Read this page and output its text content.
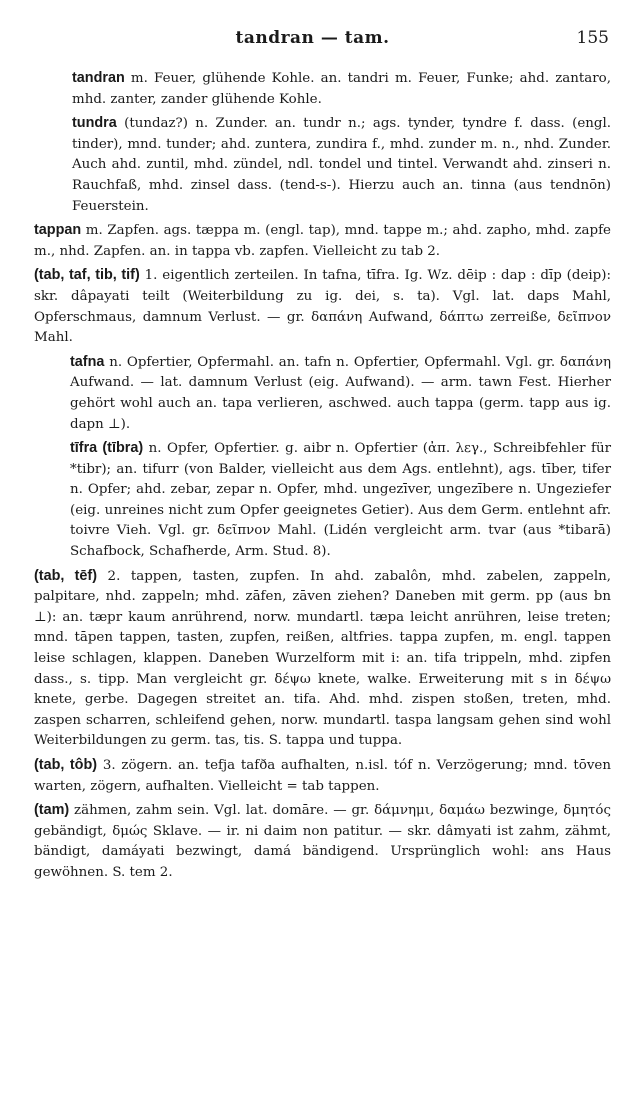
tandran — tam.	155
tandran m. Feuer, glühende Kohle. an. tandri m. Feuer, Funke; ahd. zantaro, mhd. zanter, zander glühende Kohle.
tundra (tundaz?) n. Zunder. an. tundr n.; ags. tynder, tyndre f. dass. (engl. tinder), mnd. tunder; ahd. zuntera, zundira f., mhd. zunder m. n., nhd. Zunder. Auch ahd. zuntil, mhd. zündel, ndl. tondel und tintel. Verwandt ahd. zinseri n. Rauchfaß, mhd. zinsel dass. (tend-s-). Hierzu auch an. tinna (aus tendnōn) Feuerstein.
tappan m. Zapfen. ags. tæppa m. (engl. tap), mnd. tappe m.; ahd. zapho, mhd. zapfe m., nhd. Zapfen. an. in tappa vb. zapfen. Vielleicht zu tab 2.
(tab, taf, tib, tif) 1. eigentlich zerteilen. In tafna, tīfra. Ig. Wz. dēip : dap : dīp (deip): skr. dâpayati teilt (Weiterbildung zu ig. dei, s. ta). Vgl. lat. daps Mahl, Opferschmaus, damnum Verlust. — gr. δαπάνη Aufwand, δάπτω zerreiße, δεῖπνον Mahl.
tafna n. Opfertier, Opfermahl. an. tafn n. Opfertier, Opfermahl. Vgl. gr. δαπάνη Aufwand. — lat. damnum Verlust (eig. Aufwand). — arm. tawn Fest. Hierher gehört wohl auch an. tapa verlieren, aschwed. auch tappa (germ. tapp aus ig. dapn ⊥).
tīfra (tībra) n. Opfer, Opfertier. g. aibr n. Opfertier (ἀπ. λεγ., Schreibfehler für *tibr); an. tifurr (von Balder, vielleicht aus dem Ags. entlehnt), ags. tīber, tifer n. Opfer; ahd. zebar, zepar n. Opfer, mhd. ungezīver, ungezībere n. Ungeziefer (eig. unreines nicht zum Opfer geeignetes Getier). Aus dem Germ. entlehnt afr. toivre Vieh. Vgl. gr. δεῖπνον Mahl. (Lidén vergleicht arm. tvar (aus *tibarā) Schafbock, Schafherde, Arm. Stud. 8).
(tab, tēf) 2. tappen, tasten, zupfen. In ahd. zabalôn, mhd. zabelen, zappeln, palpitare, nhd. zappeln; mhd. zāfen, zāven ziehen? Daneben mit germ. pp (aus bn ⊥): an. tæpr kaum anrührend, norw. mundartl. tæpa leicht anrühren, leise treten; mnd. tāpen tappen, tasten, zupfen, reißen, altfries. tappa zupfen, m. engl. tappen leise schlagen, klappen. Daneben Wurzelform mit i: an. tifa trippeln, mhd. zipfen dass., s. tipp. Man vergleicht gr. δέψω knete, walke. Erweiterung mit s in δέψω knete, gerbe. Dagegen streitet an. tifa. Ahd. mhd. zispen stoßen, treten, mhd. zaspen scharren, schleifend gehen, norw. mundartl. taspa langsam gehen sind wohl Weiterbildungen zu germ. tas, tis. S. tappa und tuppa.
(tab, tôb) 3. zögern. an. tefja tafða aufhalten, n.isl. tóf n. Verzögerung; mnd. tōven warten, zögern, aufhalten. Vielleicht = tab tappen.
(tam) zähmen, zahm sein. Vgl. lat. domāre. — gr. δάμνημι, δαμάω bezwinge, δμητός gebändigt, δμώς Sklave. — ir. ni daim non patitur. — skr. dâmyati ist zahm, zähmt, bändigt, damáyati bezwingt, damá bändigend. Ursprünglich wohl: ans Haus gewöhnen. S. tem 2.
